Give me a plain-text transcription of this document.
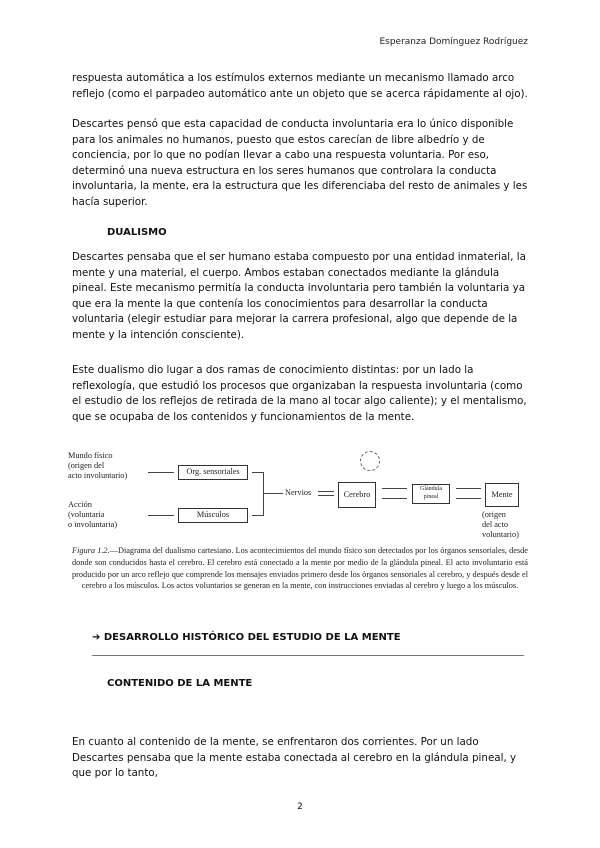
Esperanza Domínguez Rodríguez

respuesta automática a los estímulos externos mediante un mecanismo llamado arco reflejo (como el parpadeo automático ante un objeto que se acerca rápidamente al ojo).

Descartes pensó que esta capacidad de conducta involuntaria era lo único disponible para los animales no humanos, puesto que estos carecían de libre albedrío y de conciencia, por lo que no podían llevar a cabo una respuesta voluntaria. Por eso, determinó una nueva estructura en los seres humanos que controlara la conducta involuntaria, la mente, era la estructura que les diferenciaba del resto de animales y les hacía superior.

DUALISMO

Descartes pensaba que el ser humano estaba compuesto por una entidad inmaterial, la mente y una material, el cuerpo. Ambos estaban conectados mediante la glándula pineal. Este mecanismo permitía la conducta involuntaria pero también la voluntaria ya que era la mente la que contenía los conocimientos para desarrollar la conducta voluntaria (elegir estudiar para mejorar la carrera profesional, algo que depende de la mente y la intención consciente).

Este dualismo dio lugar a dos ramas de conocimiento distintas: por un lado la reflexología, que estudió los procesos que organizaban la respuesta involuntaria (como el estudio de los reflejos de retirada de la mano al tocar algo caliente); y el mentalismo, que se ocupaba de los contenidos y funcionamientos de la mente.

Mundo físico
(origen del
acto involuntario)
Acción
(voluntaria
o involuntaria)
Org. sensoriales
Músculos
Nervios	Cerebro
Glándula
pineal	Mente
(origen
del acto
voluntario)
Figura 1.2.—Diagrama del dualismo cartesiano. Los acontecimientos del mundo físico son detectados por los órganos sensoriales, desde donde son conducidos hasta el cerebro. El cerebro está conectado a la mente por medio de la glándula pineal. El acto involuntario está producido por un arco reflejo que comprende los mensajes enviados primero desde los órganos sensoriales al cerebro, y después desde el cerebro a los músculos. Los actos voluntarios se generan en la mente, con instrucciones enviadas al cerebro y luego a los músculos.
➔ DESARROLLO HISTÓRICO DEL ESTUDIO DE LA MENTE
CONTENIDO DE LA MENTE

En cuanto al contenido de la mente, se enfrentaron dos corrientes. Por un lado Descartes pensaba que la mente estaba conectada al cerebro en la glándula pineal, y que por lo tanto,

2
